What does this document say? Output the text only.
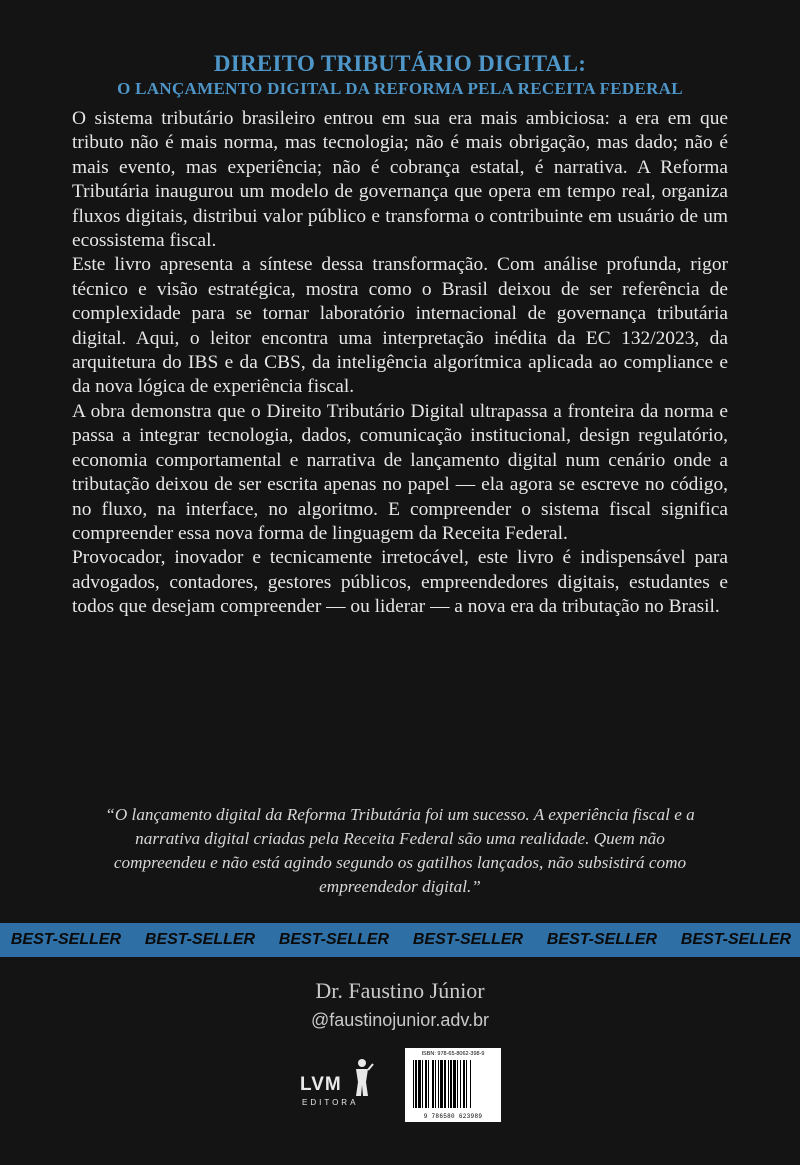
DIREITO TRIBUTÁRIO DIGITAL:
O LANÇAMENTO DIGITAL DA REFORMA PELA RECEITA FEDERAL

O sistema tributário brasileiro entrou em sua era mais ambiciosa: a era em que tributo não é mais norma, mas tecnologia; não é mais obrigação, mas dado; não é mais evento, mas experiência; não é cobrança estatal, é narrativa. A Reforma Tributária inaugurou um modelo de governança que opera em tempo real, organiza fluxos digitais, distribui valor público e transforma o contribuinte em usuário de um ecossistema fiscal.

Este livro apresenta a síntese dessa transformação. Com análise profunda, rigor técnico e visão estratégica, mostra como o Brasil deixou de ser referência de complexidade para se tornar laboratório internacional de governança tributária digital. Aqui, o leitor encontra uma interpretação inédita da EC 132/2023, da arquitetura do IBS e da CBS, da inteligência algorítmica aplicada ao compliance e da nova lógica de experiência fiscal.

A obra demonstra que o Direito Tributário Digital ultrapassa a fronteira da norma e passa a integrar tecnologia, dados, comunicação institucional, design regulatório, economia comportamental e narrativa de lançamento digital num cenário onde a tributação deixou de ser escrita apenas no papel — ela agora se escreve no código, no fluxo, na interface, no algoritmo. E compreender o sistema fiscal significa compreender essa nova forma de linguagem da Receita Federal.

Provocador, inovador e tecnicamente irretocável, este livro é indispensável para advogados, contadores, gestores públicos, empreendedores digitais, estudantes e todos que desejam compreender — ou liderar — a nova era da tributação no Brasil.

“O lançamento digital da Reforma Tributária foi um sucesso. A experiência fiscal e a narrativa digital criadas pela Receita Federal são uma realidade. Quem não compreendeu e não está agindo segundo os gatilhos lançados, não subsistirá como empreendedor digital.”
BEST-SELLER	BEST-SELLER	BEST-SELLER	BEST-SELLER	BEST-SELLER	BEST-SELLER
Dr. Faustino Júnior
@faustinojunior.adv.br
LVM
EDITORA
ISBN: 978-65-8062-398-9
9 786580 623989
